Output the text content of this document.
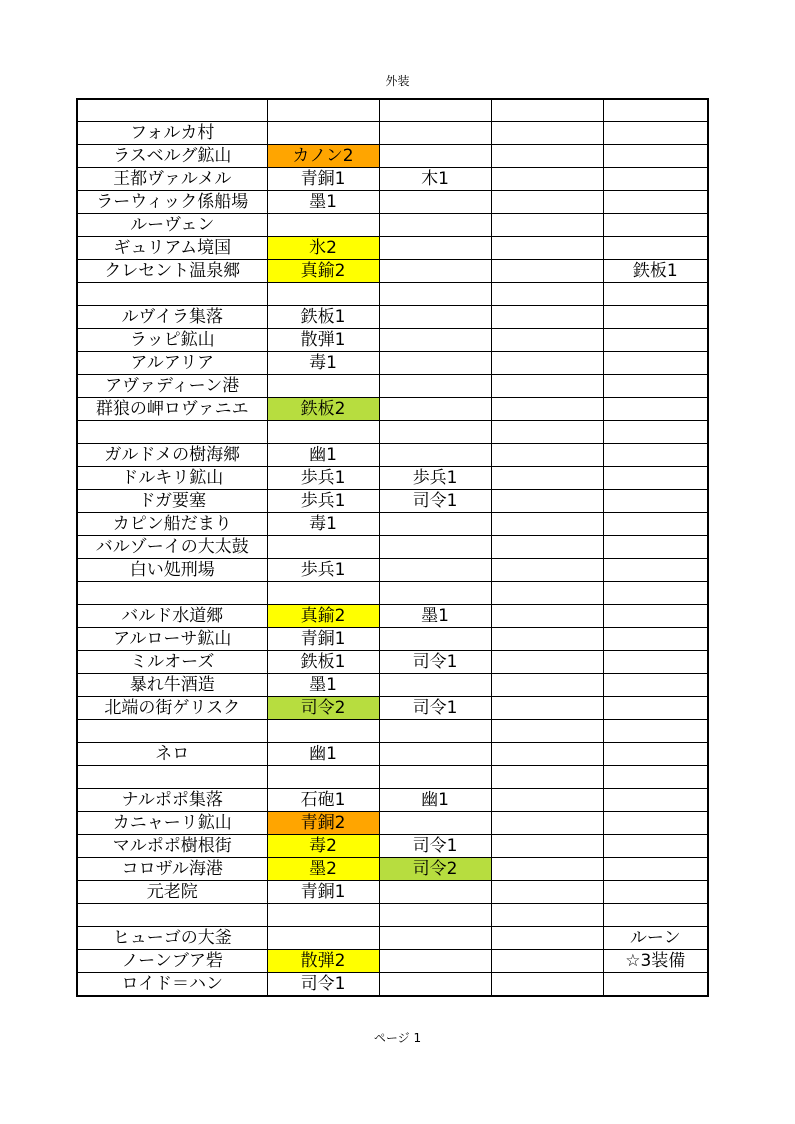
外装

フォルカ村				
ラスベルグ鉱山	カノン2			
王都ヴァルメル	青銅1	木1		
ラーウィック係船場	墨1			
ルーヴェン				
ギュリアム境国	氷2			
クレセント温泉郷	真鍮2			鉄板1

ルヴイラ集落	鉄板1			
ラッピ鉱山	散弾1			
アルアリア	毒1			
アヴァディーン港				
群狼の岬ロヴァニエ	鉄板2			

ガルドメの樹海郷	幽1			
ドルキリ鉱山	歩兵1	歩兵1		
ドガ要塞	歩兵1	司令1		
カピン船だまり	毒1			
バルゾーイの大太鼓				
白い処刑場	歩兵1			

バルド水道郷	真鍮2	墨1		
アルローサ鉱山	青銅1			
ミルオーズ	鉄板1	司令1		
暴れ牛酒造	墨1			
北端の街ゲリスク	司令2	司令1		

ネロ	幽1			

ナルポポ集落	石砲1	幽1		
カニャーリ鉱山	青銅2			
マルポポ樹根街	毒2	司令1		
コロザル海港	墨2	司令2		
元老院	青銅1			

ヒューゴの大釜				ルーン
ノーンブア砦	散弾2			☆3装備
ロイド＝ハン	司令1			
ページ 1
